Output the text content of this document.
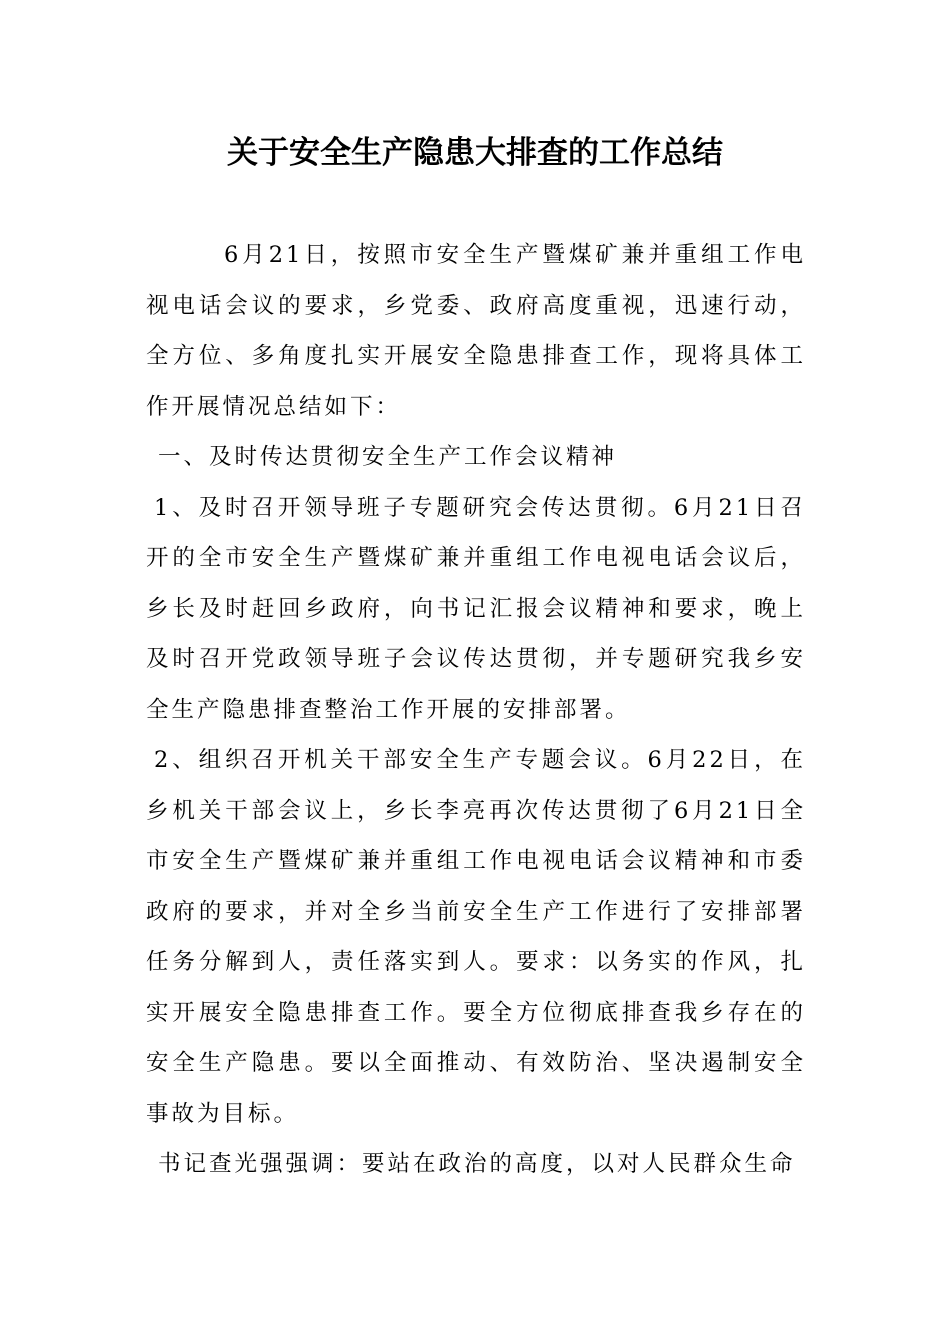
关于安全生产隐患大排查的工作总结

6月21日，按照市安全生产暨煤矿兼并重组工作电视电话会议的要求，乡党委、政府高度重视，迅速行动，全方位、多角度扎实开展安全隐患排查工作，现将具体工作开展情况总结如下：

一、及时传达贯彻安全生产工作会议精神

1、及时召开领导班子专题研究会传达贯彻。6月21日召开的全市安全生产暨煤矿兼并重组工作电视电话会议后，乡长及时赶回乡政府，向书记汇报会议精神和要求，晚上及时召开党政领导班子会议传达贯彻，并专题研究我乡安全生产隐患排查整治工作开展的安排部署。

2、组织召开机关干部安全生产专题会议。6月22日，在乡机关干部会议上，乡长李亮再次传达贯彻了6月21日全市安全生产暨煤矿兼并重组工作电视电话会议精神和市委政府的要求，并对全乡当前安全生产工作进行了安排部署任务分解到人，责任落实到人。要求：以务实的作风，扎实开展安全隐患排查工作。要全方位彻底排查我乡存在的安全生产隐患。要以全面推动、有效防治、坚决遏制安全事故为目标。

书记查光强强调：要站在政治的高度，以对人民群众生命
